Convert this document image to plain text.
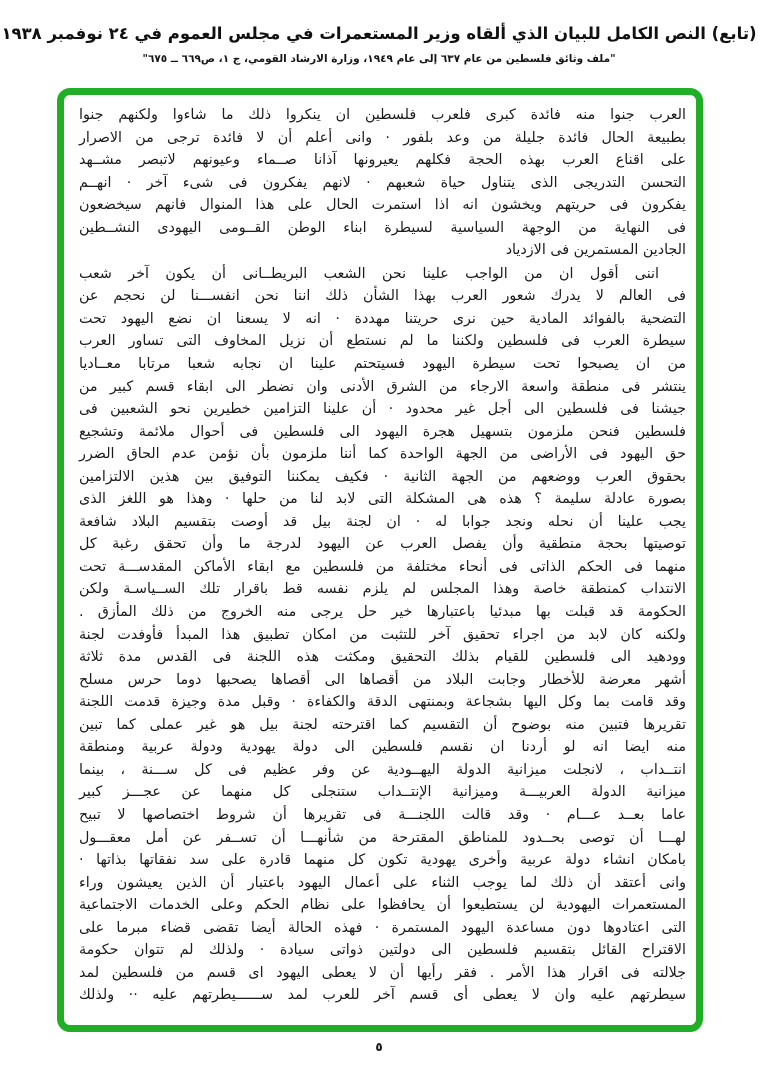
(تابع) النص الكامل للبيان الذي ألقاه وزير المستعمرات في مجلس العموم في ٢٤ نوفمبر ١٩٣٨
"ملف وثائق فلسطين من عام ٦٣٧ إلى عام ١٩٤٩، وزارة الارشاد القومي، ج ١، ص٦٦٩ ــ ٦٧٥"
العرب جنوا منه فائدة كبرى فلعرب فلسطين ان ينكروا ذلك ما شاءوا ولكنهم جنوا
بطبيعة الحال فائدة جليلة من وعد بلفور · وانى أعلم أن لا فائدة ترجى من الاصرار
على اقناع العرب بهذه الحجة فكلهم يعيرونها آذانا صــماء وعيونهم لاتبصر مشــهد
التحسن التدريجى الذى يتناول حياة شعبهم · لانهم يفكرون فى شىء آخر · انهــم
يفكرون فى حريتهم ويخشون انه اذا استمرت الحال على هذا المنوال فانهم سيخضعون
فى النهاية من الوجهة السياسية لسيطرة ابناء الوطن القــومى اليهودى النشــطين
الجادين المستمرين فى الازدياد
اننى أقول ان من الواجب علينا نحن الشعب البريطــانى أن يكون آخر شعب
فى العالم لا يدرك شعور العرب بهذا الشأن ذلك اننا نحن انفســـنا لن نحجم عن
التضحية بالفوائد المادية حين نرى حريتنا مهددة · انه لا يسعنا ان نضع اليهود تحت
سيطرة العرب فى فلسطين ولكننا ما لم نستطع أن نزيل المخاوف التى تساور العرب
من ان يصبحوا تحت سيطرة اليهود فسيتحتم علينا ان نجابه شعبا مرتابا معــاديا
ينتشر فى منطقة واسعة الارجاء من الشرق الأدنى وان نضطر الى ابقاء قسم كبير من
جيشنا فى فلسطين الى أجل غير محدود · أن علينا التزامين خطيرين نحو الشعبين فى
فلسطين فنحن ملزمون بتسهيل هجرة اليهود الى فلسطين فى أحوال ملائمة وتشجيع
حق اليهود فى الأراضى من الجهة الواحدة كما أننا ملزمون بأن نؤمن عدم الحاق الضرر
بحقوق العرب ووضعهم من الجهة الثانية · فكيف يمكننا التوفيق بين هذين الالتزامين
بصورة عادلة سليمة ؟ هذه هى المشكلة التى لابد لنا من حلها · وهذا هو اللغز الذى
يجب علينا أن نحله ونجد جوابا له · ان لجنة بيل قد أوصت بتقسيم البلاد شافعة
توصيتها بحجة منطقية وأن يفصل العرب عن اليهود لدرجة ما وأن تحقق رغبة كل
منهما فى الحكم الذاتى فى أنحاء مختلفة من فلسطين مع ابقاء الأماكن المقدســـة تحت
الانتداب كمنطقة خاصة وهذا المجلس لم يلزم نفسه قط باقرار تلك الســياسـة ولكن
الحكومة قد قبلت بها مبدئيا باعتبارها خير حل يرجى منه الخروج من ذلك المأزق .
ولكنه كان لابد من اجراء تحقيق آخر للتثبت من امكان تطبيق هذا المبدأ فأوفدت لجنة
وودهيد الى فلسطين للقيام بذلك التحقيق ومكثت هذه اللجنة فى القدس مدة ثلاثة
أشهر معرضة للأخطار وجابت البلاد من أقصاها الى أقصاها يصحبها دوما حرس مسلح
وقد قامت بما وكل اليها بشجاعة وبمنتهى الدقة والكفاءة · وقبل مدة وجيزة قدمت اللجنة
تقريرها فتبين منه بوضوح أن التقسيم كما اقترحته لجنة بيل هو غير عملى كما تبين
منه ايضا انه لو أردنا ان نقسم فلسطين الى دولة يهودية ودولة عربية ومنطقة
انتــداب ، لانجلت ميزانية الدولة اليهــودية عن وفر عظيم فى كل ســـنة ، بينما
ميزانية الدولة العربيـــة وميزانية الإنتــداب ستنجلى كل منهما عن عجـــز كبير
عاما بعــد عـــام · وقد قالت اللجنـــة فى تقريرها أن شروط اختصاصها لا تبيح
لهـــا أن توصى بحــدود للمناطق المقترحة من شأنهـــا أن تســفر عن أمل معقـــول
بامكان انشاء دولة عربية وأخرى يهودية تكون كل منهما قادرة على سد نفقاتها بذاتها ·
وانى أعتقد أن ذلك لما يوجب الثناء على أعمال اليهود باعتبار أن الذين يعيشون وراء
المستعمرات اليهودية لن يستطيعوا أن يحافظوا على نظام الحكم وعلى الخدمات الاجتماعية
التى اعتادوها دون مساعدة اليهود المستمرة · فهذه الحالة أيضا تقضى قضاء مبرما على
الاقتراح القائل بتقسيم فلسطين الى دولتين ذواتى سيادة · ولذلك لم تتوان حكومة
جلالته فى اقرار هذا الأمر . فقر رأيها أن لا يعطى اليهود اى قسم من فلسطين لمد
سيطرتهم عليه وان لا يعطى أى قسم آخر للعرب لمد ســــــيطرتهم عليه ·· ولذلك
٥
